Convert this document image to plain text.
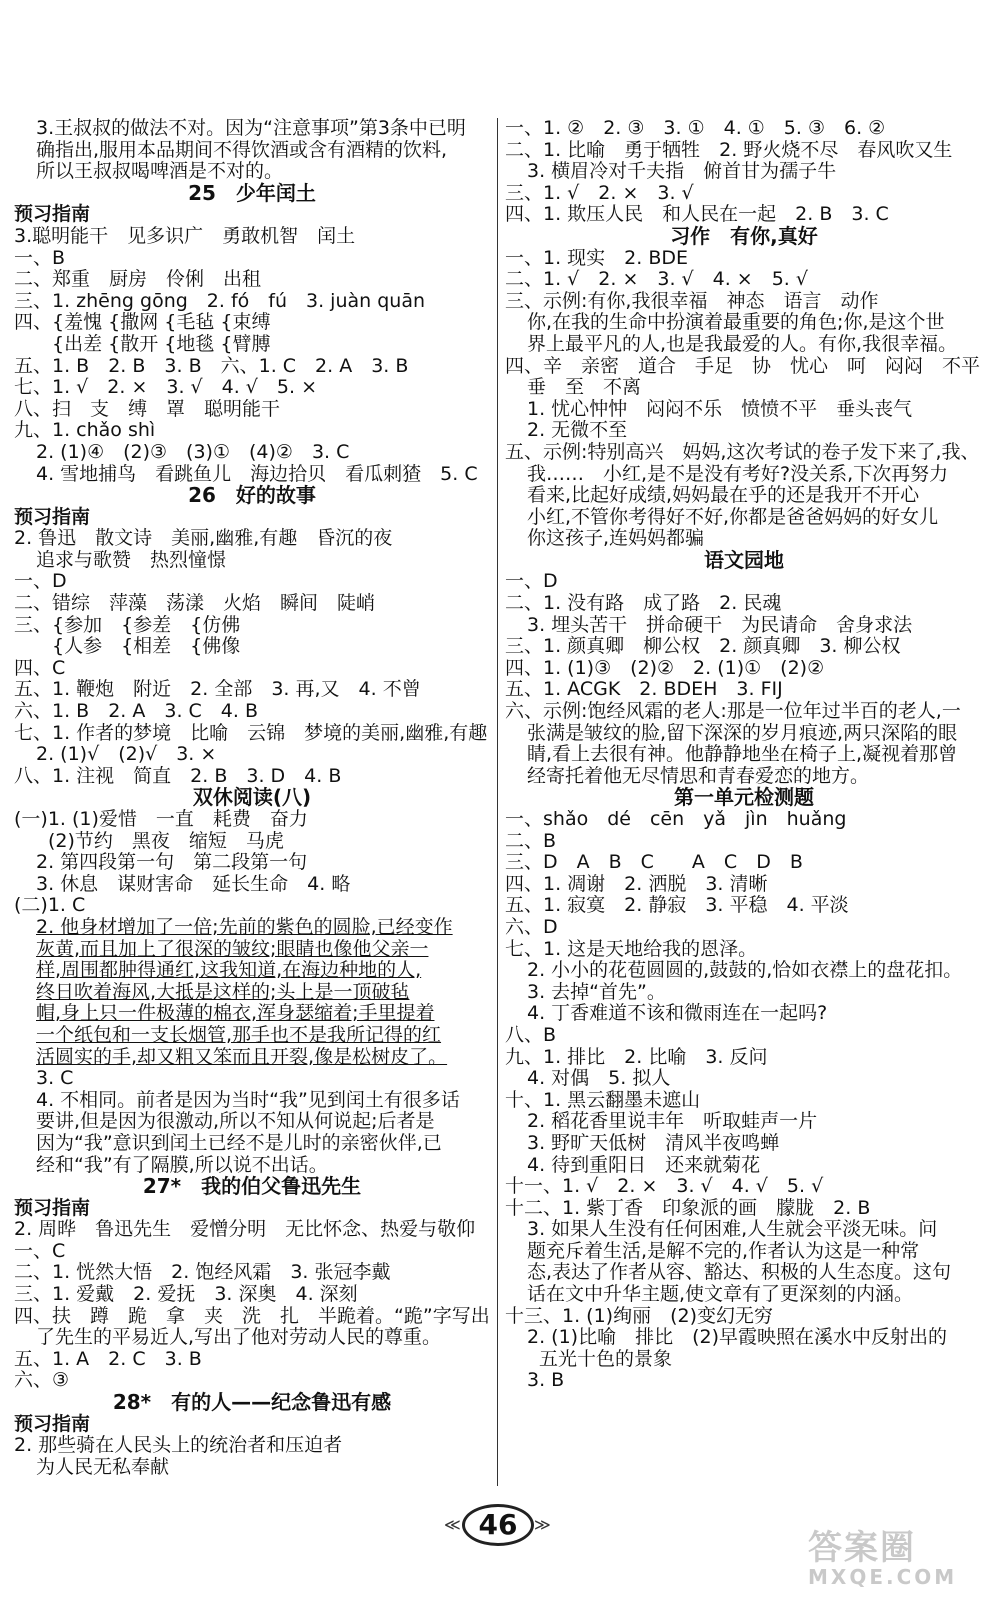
3.王叔叔的做法不对。因为“注意事项”第3条中已明
确指出,服用本品期间不得饮酒或含有酒精的饮料,
所以王叔叔喝啤酒是不对的。
25　少年闰土
预习指南
3.聪明能干　见多识广　勇敢机智　闰土
一、B
二、郑重　厨房　伶俐　出租
三、1. zhēng gōng　2. fó　fú　3. juàn quān
四、{羞愧 {撒网 {毛毡 {束缚
　　{出差 {散开 {地毯 {臂膊
五、1. B　2. B　3. B　六、1. C　2. A　3. B
七、1. √　2. ×　3. √　4. √　5. ×
八、扫　支　缚　罩　聪明能干
九、1. chǎo shì
2. (1)④　(2)③　(3)①　(4)②　3. C
4. 雪地捕鸟　看跳鱼儿　海边拾贝　看瓜刺猹　5. C
26　好的故事
预习指南
2. 鲁迅　散文诗　美丽,幽雅,有趣　昏沉的夜
追求与歌赞　热烈憧憬
一、D
二、错综　萍藻　荡漾　火焰　瞬间　陡峭
三、{参加　{参差　{仿佛
　　{人参　{相差　{佛像
四、C
五、1. 鞭炮　附近　2. 全部　3. 再,又　4. 不曾
六、1. B　2. A　3. C　4. B
七、1. 作者的梦境　比喻　云锦　梦境的美丽,幽雅,有趣
2. (1)√　(2)√　3. ×
八、1. 注视　简直　2. B　3. D　4. B
双休阅读(八)
(一)1. (1)爱惜　一直　耗费　奋力
(2)节约　黑夜　缩短　马虎
2. 第四段第一句　第二段第一句
3. 休息　谋财害命　延长生命　4. 略
(二)1. C
2. 他身材增加了一倍;先前的紫色的圆脸,已经变作
灰黄,而且加上了很深的皱纹;眼睛也像他父亲一
样,周围都肿得通红,这我知道,在海边种地的人,
终日吹着海风,大抵是这样的;头上是一顶破毡
帽,身上只一件极薄的棉衣,浑身瑟缩着;手里提着
一个纸包和一支长烟管,那手也不是我所记得的红
活圆实的手,却又粗又笨而且开裂,像是松树皮了。
3. C
4. 不相同。前者是因为当时“我”见到闰土有很多话
要讲,但是因为很激动,所以不知从何说起;后者是
因为“我”意识到闰土已经不是儿时的亲密伙伴,已
经和“我”有了隔膜,所以说不出话。
27*　我的伯父鲁迅先生
预习指南
2. 周晔　鲁迅先生　爱憎分明　无比怀念、热爱与敬仰
一、C
二、1. 恍然大悟　2. 饱经风霜　3. 张冠李戴
三、1. 爱戴　2. 爱抚　3. 深奥　4. 深刻
四、扶　蹲　跪　拿　夹　洗　扎　半跪着。“跪”字写出
了先生的平易近人,写出了他对劳动人民的尊重。
五、1. A　2. C　3. B
六、③
28*　有的人——纪念鲁迅有感
预习指南
2. 那些骑在人民头上的统治者和压迫者
为人民无私奉献
一、1. ②　2. ③　3. ①　4. ①　5. ③　6. ②
二、1. 比喻　勇于牺牲　2. 野火烧不尽　春风吹又生
3. 横眉冷对千夫指　俯首甘为孺子牛
三、1. √　2. ×　3. √
四、1. 欺压人民　和人民在一起　2. B　3. C
习作　有你,真好
一、1. 现实　2. BDE
二、1. √　2. ×　3. √　4. ×　5. √
三、示例:有你,我很幸福　神态　语言　动作
你,在我的生命中扮演着最重要的角色;你,是这个世
界上最平凡的人,也是我最爱的人。有你,我很幸福。
四、辛　亲密　道合　手足　协　忧心　呵　闷闷　不平
垂　至　不离
1. 忧心忡忡　闷闷不乐　愤愤不平　垂头丧气
2. 无微不至
五、示例:特别高兴　妈妈,这次考试的卷子发下来了,我、
我……　小红,是不是没有考好?没关系,下次再努力
看来,比起好成绩,妈妈最在乎的还是我开不开心
小红,不管你考得好不好,你都是爸爸妈妈的好女儿
你这孩子,连妈妈都骗
语文园地
一、D
二、1. 没有路　成了路　2. 民魂
3. 埋头苦干　拼命硬干　为民请命　舍身求法
三、1. 颜真卿　柳公权　2. 颜真卿　3. 柳公权
四、1. (1)③　(2)②　2. (1)①　(2)②
五、1. ACGK　2. BDEH　3. FIJ
六、示例:饱经风霜的老人:那是一位年过半百的老人,一
张满是皱纹的脸,留下深深的岁月痕迹,两只深陷的眼
睛,看上去很有神。他静静地坐在椅子上,凝视着那曾
经寄托着他无尽情思和青春爱恋的地方。
第一单元检测题
一、shǎo　dé　cēn　yǎ　jìn　huǎng
二、B
三、D　A　B　C　　A　C　D　B
四、1. 凋谢　2. 洒脱　3. 清晰
五、1. 寂寞　2. 静寂　3. 平稳　4. 平淡
六、D
七、1. 这是天地给我的恩泽。
2. 小小的花苞圆圆的,鼓鼓的,恰如衣襟上的盘花扣。
3. 去掉“首先”。
4. 丁香难道不该和微雨连在一起吗?
八、B
九、1. 排比　2. 比喻　3. 反问
4. 对偶　5. 拟人
十、1. 黑云翻墨未遮山
2. 稻花香里说丰年　听取蛙声一片
3. 野旷天低树　清风半夜鸣蝉
4. 待到重阳日　还来就菊花
十一、1. √　2. ×　3. √　4. √　5. √
十二、1. 紫丁香　印象派的画　朦胧　2. B
3. 如果人生没有任何困难,人生就会平淡无味。问
题充斥着生活,是解不完的,作者认为这是一种常
态,表达了作者从容、豁达、积极的人生态度。这句
话在文中升华主题,使文章有了更深刻的内涵。
十三、1. (1)绚丽　(2)变幻无穷
2. (1)比喻　排比　(2)早霞映照在溪水中反射出的
五光十色的景象
3. B
≪	≫
46
答案圈
MXQE.COM
